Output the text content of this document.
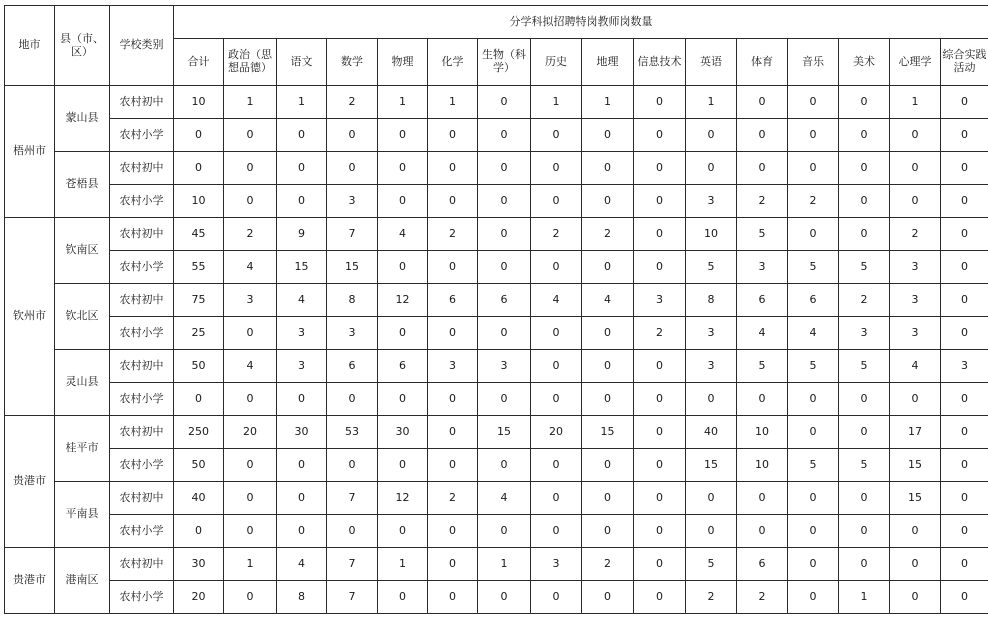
地市	县（市、区）	学校类别	分学科拟招聘特岗教师岗数量															
			合计	政治（思想品德）	语文	数学	物理	化学	生物（科学）	历史	地理	信息技术	英语	体育	音乐	美术	心理学	综合实践活动
梧州市	蒙山县	农村初中	10	1	1	2	1	1	0	1	1	0	1	0	0	0	1	0
		农村小学	0	0	0	0	0	0	0	0	0	0	0	0	0	0	0	0
	苍梧县	农村初中	0	0	0	0	0	0	0	0	0	0	0	0	0	0	0	0
		农村小学	10	0	0	3	0	0	0	0	0	0	3	2	2	0	0	0
钦州市	钦南区	农村初中	45	2	9	7	4	2	0	2	2	0	10	5	0	0	2	0
		农村小学	55	4	15	15	0	0	0	0	0	0	5	3	5	5	3	0
	钦北区	农村初中	75	3	4	8	12	6	6	4	4	3	8	6	6	2	3	0
		农村小学	25	0	3	3	0	0	0	0	0	2	3	4	4	3	3	0
	灵山县	农村初中	50	4	3	6	6	3	3	0	0	0	3	5	5	5	4	3
		农村小学	0	0	0	0	0	0	0	0	0	0	0	0	0	0	0	0
贵港市	桂平市	农村初中	250	20	30	53	30	0	15	20	15	0	40	10	0	0	17	0
		农村小学	50	0	0	0	0	0	0	0	0	0	15	10	5	5	15	0
	平南县	农村初中	40	0	0	7	12	2	4	0	0	0	0	0	0	0	15	0
		农村小学	0	0	0	0	0	0	0	0	0	0	0	0	0	0	0	0
贵港市	港南区	农村初中	30	1	4	7	1	0	1	3	2	0	5	6	0	0	0	0
		农村小学	20	0	8	7	0	0	0	0	0	0	2	2	0	1	0	0
